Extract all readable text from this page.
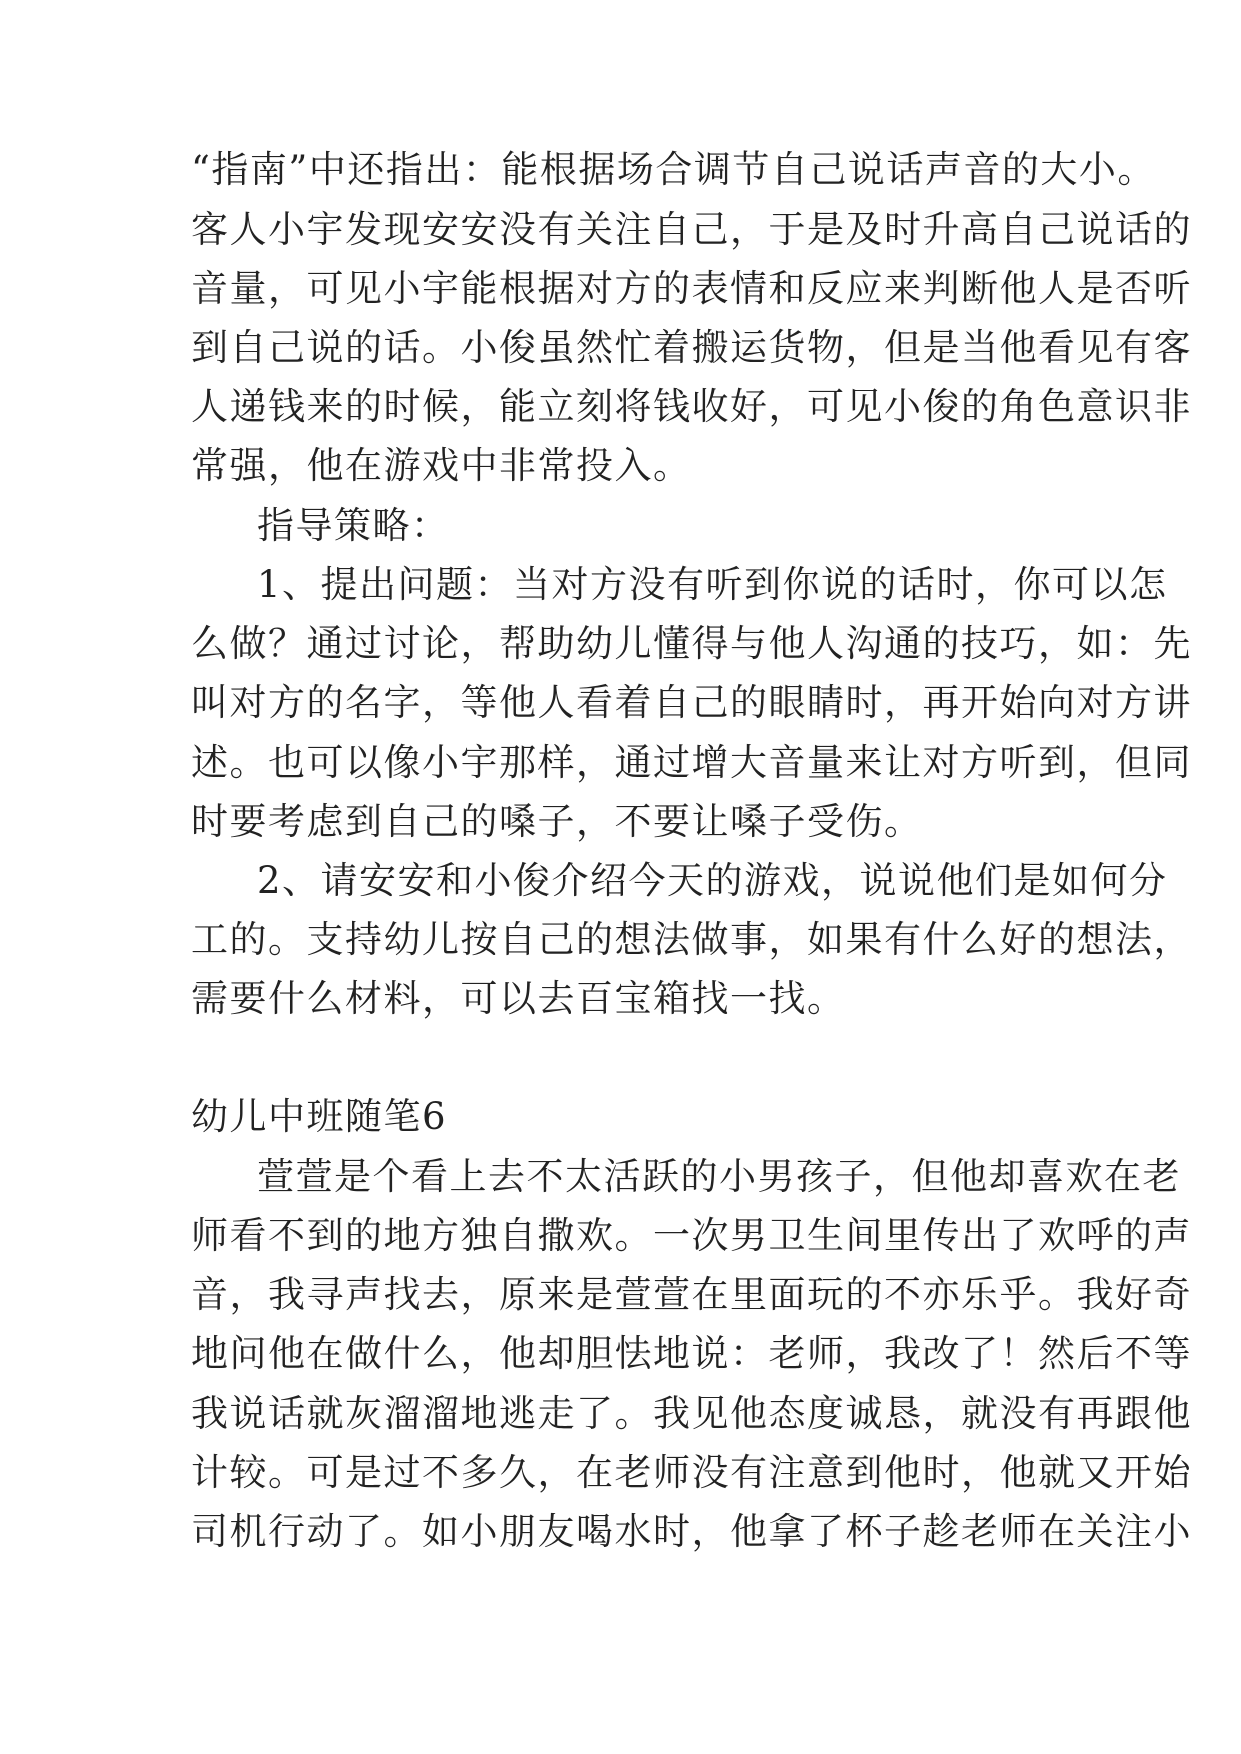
“指南”中还指出：能根据场合调节自己说话声音的大小。
客人小宇发现安安没有关注自己，于是及时升高自己说话的
音量，可见小宇能根据对方的表情和反应来判断他人是否听
到自己说的话。小俊虽然忙着搬运货物，但是当他看见有客
人递钱来的时候，能立刻将钱收好，可见小俊的角色意识非
常强，他在游戏中非常投入。
指导策略：
1、提出问题：当对方没有听到你说的话时，你可以怎
么做？通过讨论，帮助幼儿懂得与他人沟通的技巧，如：先
叫对方的名字，等他人看着自己的眼睛时，再开始向对方讲
述。也可以像小宇那样，通过增大音量来让对方听到，但同
时要考虑到自己的嗓子，不要让嗓子受伤。
2、请安安和小俊介绍今天的游戏，说说他们是如何分
工的。支持幼儿按自己的想法做事，如果有什么好的想法，
需要什么材料，可以去百宝箱找一找。
幼儿中班随笔6
萱萱是个看上去不太活跃的小男孩子，但他却喜欢在老
师看不到的地方独自撒欢。一次男卫生间里传出了欢呼的声
音，我寻声找去，原来是萱萱在里面玩的不亦乐乎。我好奇
地问他在做什么，他却胆怯地说：老师，我改了！然后不等
我说话就灰溜溜地逃走了。我见他态度诚恳，就没有再跟他
计较。可是过不多久，在老师没有注意到他时，他就又开始
司机行动了。如小朋友喝水时，他拿了杯子趁老师在关注小
